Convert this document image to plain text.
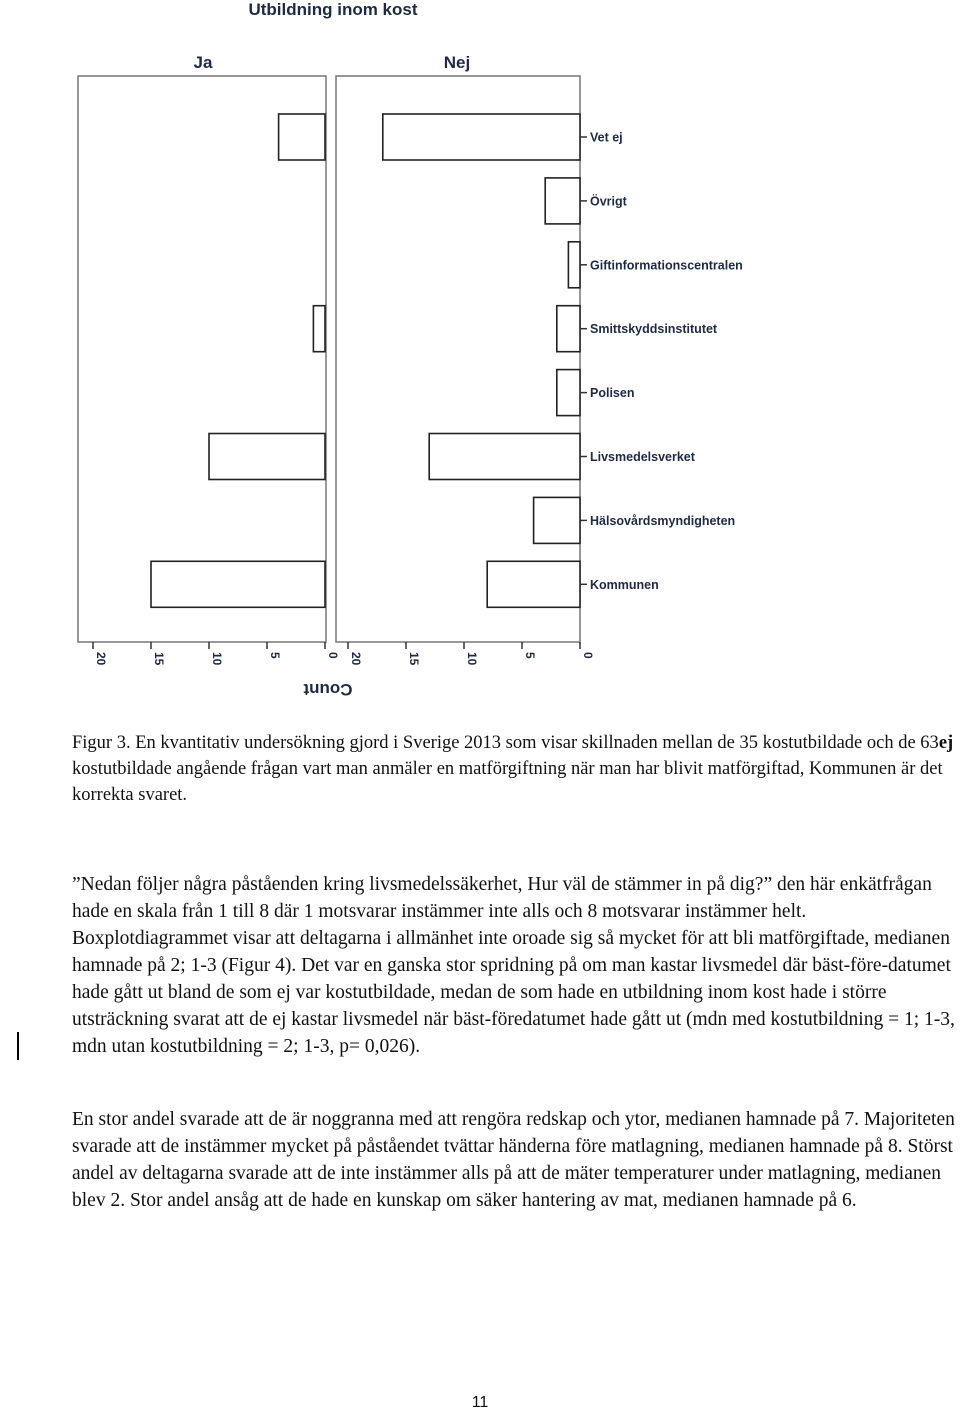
Utbildning inom kost
Ja	Nej
Vet ej
Övrigt
Giftinformationscentralen
Smittskyddsinstitutet
Polisen
Livsmedelsverket
Hälsovårdsmyndigheten
Kommunen
20	15	10	5	0 20	15	10	5	0
Count

Figur 3. En kvantitativ undersökning gjord i Sverige 2013 som visar skillnaden mellan de 35 kostutbildade och de 63ej kostutbildade angående frågan vart man anmäler en matförgiftning när man har blivit matförgiftad, Kommunen är det korrekta svaret.

”Nedan följer några påståenden kring livsmedelssäkerhet, Hur väl de stämmer in på dig?” den här enkätfrågan hade en skala från 1 till 8 där 1 motsvarar instämmer inte alls och 8 motsvarar instämmer helt. Boxplotdiagrammet visar att deltagarna i allmänhet inte oroade sig så mycket för att bli matförgiftade, medianen hamnade på 2; 1-3 (Figur 4). Det var en ganska stor spridning på om man kastar livsmedel där bäst-före-datumet hade gått ut bland de som ej var kostutbildade, medan de som hade en utbildning inom kost hade i större utsträckning svarat att de ej kastar livsmedel när bäst-föredatumet hade gått ut (mdn med kostutbildning = 1; 1-3, mdn utan kostutbildning = 2; 1-3, p= 0,026).

En stor andel svarade att de är noggranna med att rengöra redskap och ytor, medianen hamnade på 7. Majoriteten svarade att de instämmer mycket på påståendet tvättar händerna före matlagning, medianen hamnade på 8. Störst andel av deltagarna svarade att de inte instämmer alls på att de mäter temperaturer under matlagning, medianen blev 2. Stor andel ansåg att de hade en kunskap om säker hantering av mat, medianen hamnade på 6.

11
